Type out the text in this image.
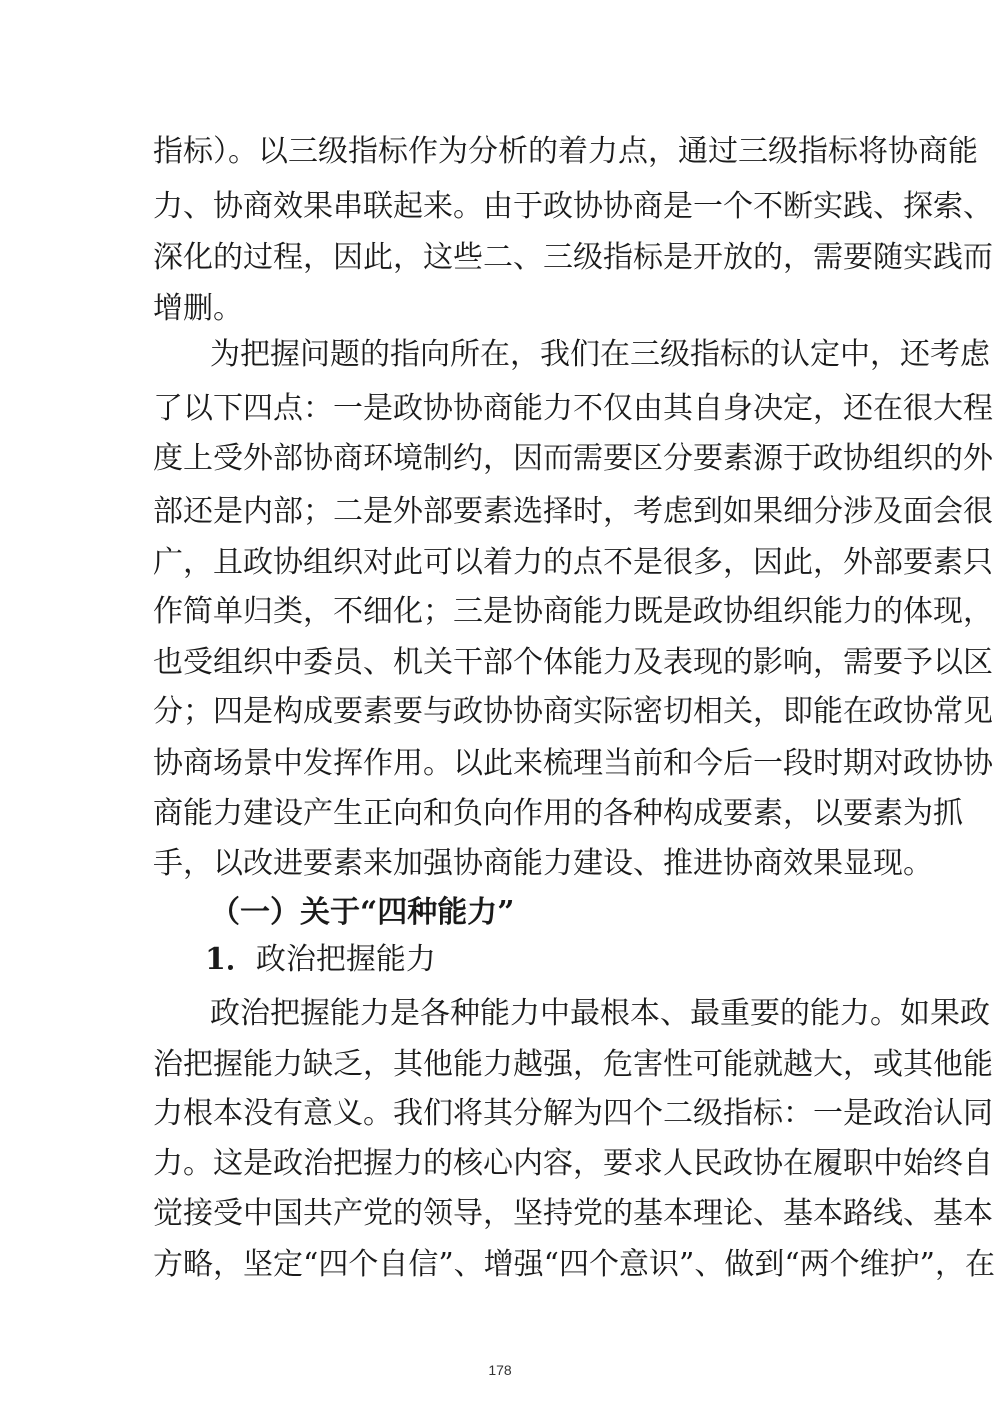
指标）。以三级指标作为分析的着力点，通过三级指标将协商能
力、协商效果串联起来。由于政协协商是一个不断实践、探索、
深化的过程，因此，这些二、三级指标是开放的，需要随实践而
增删。
为把握问题的指向所在，我们在三级指标的认定中，还考虑
了以下四点：一是政协协商能力不仅由其自身决定，还在很大程
度上受外部协商环境制约，因而需要区分要素源于政协组织的外
部还是内部；二是外部要素选择时，考虑到如果细分涉及面会很
广，且政协组织对此可以着力的点不是很多，因此，外部要素只
作简单归类，不细化；三是协商能力既是政协组织能力的体现，
也受组织中委员、机关干部个体能力及表现的影响，需要予以区
分；四是构成要素要与政协协商实际密切相关，即能在政协常见
协商场景中发挥作用。以此来梳理当前和今后一段时期对政协协
商能力建设产生正向和负向作用的各种构成要素，以要素为抓
手，以改进要素来加强协商能力建设、推进协商效果显现。
（一）关于“四种能力”
1．政治把握能力
政治把握能力是各种能力中最根本、最重要的能力。如果政
治把握能力缺乏，其他能力越强，危害性可能就越大，或其他能
力根本没有意义。我们将其分解为四个二级指标：一是政治认同
力。这是政治把握力的核心内容，要求人民政协在履职中始终自
觉接受中国共产党的领导，坚持党的基本理论、基本路线、基本
方略，坚定“四个自信”、增强“四个意识”、做到“两个维护”，在
178
